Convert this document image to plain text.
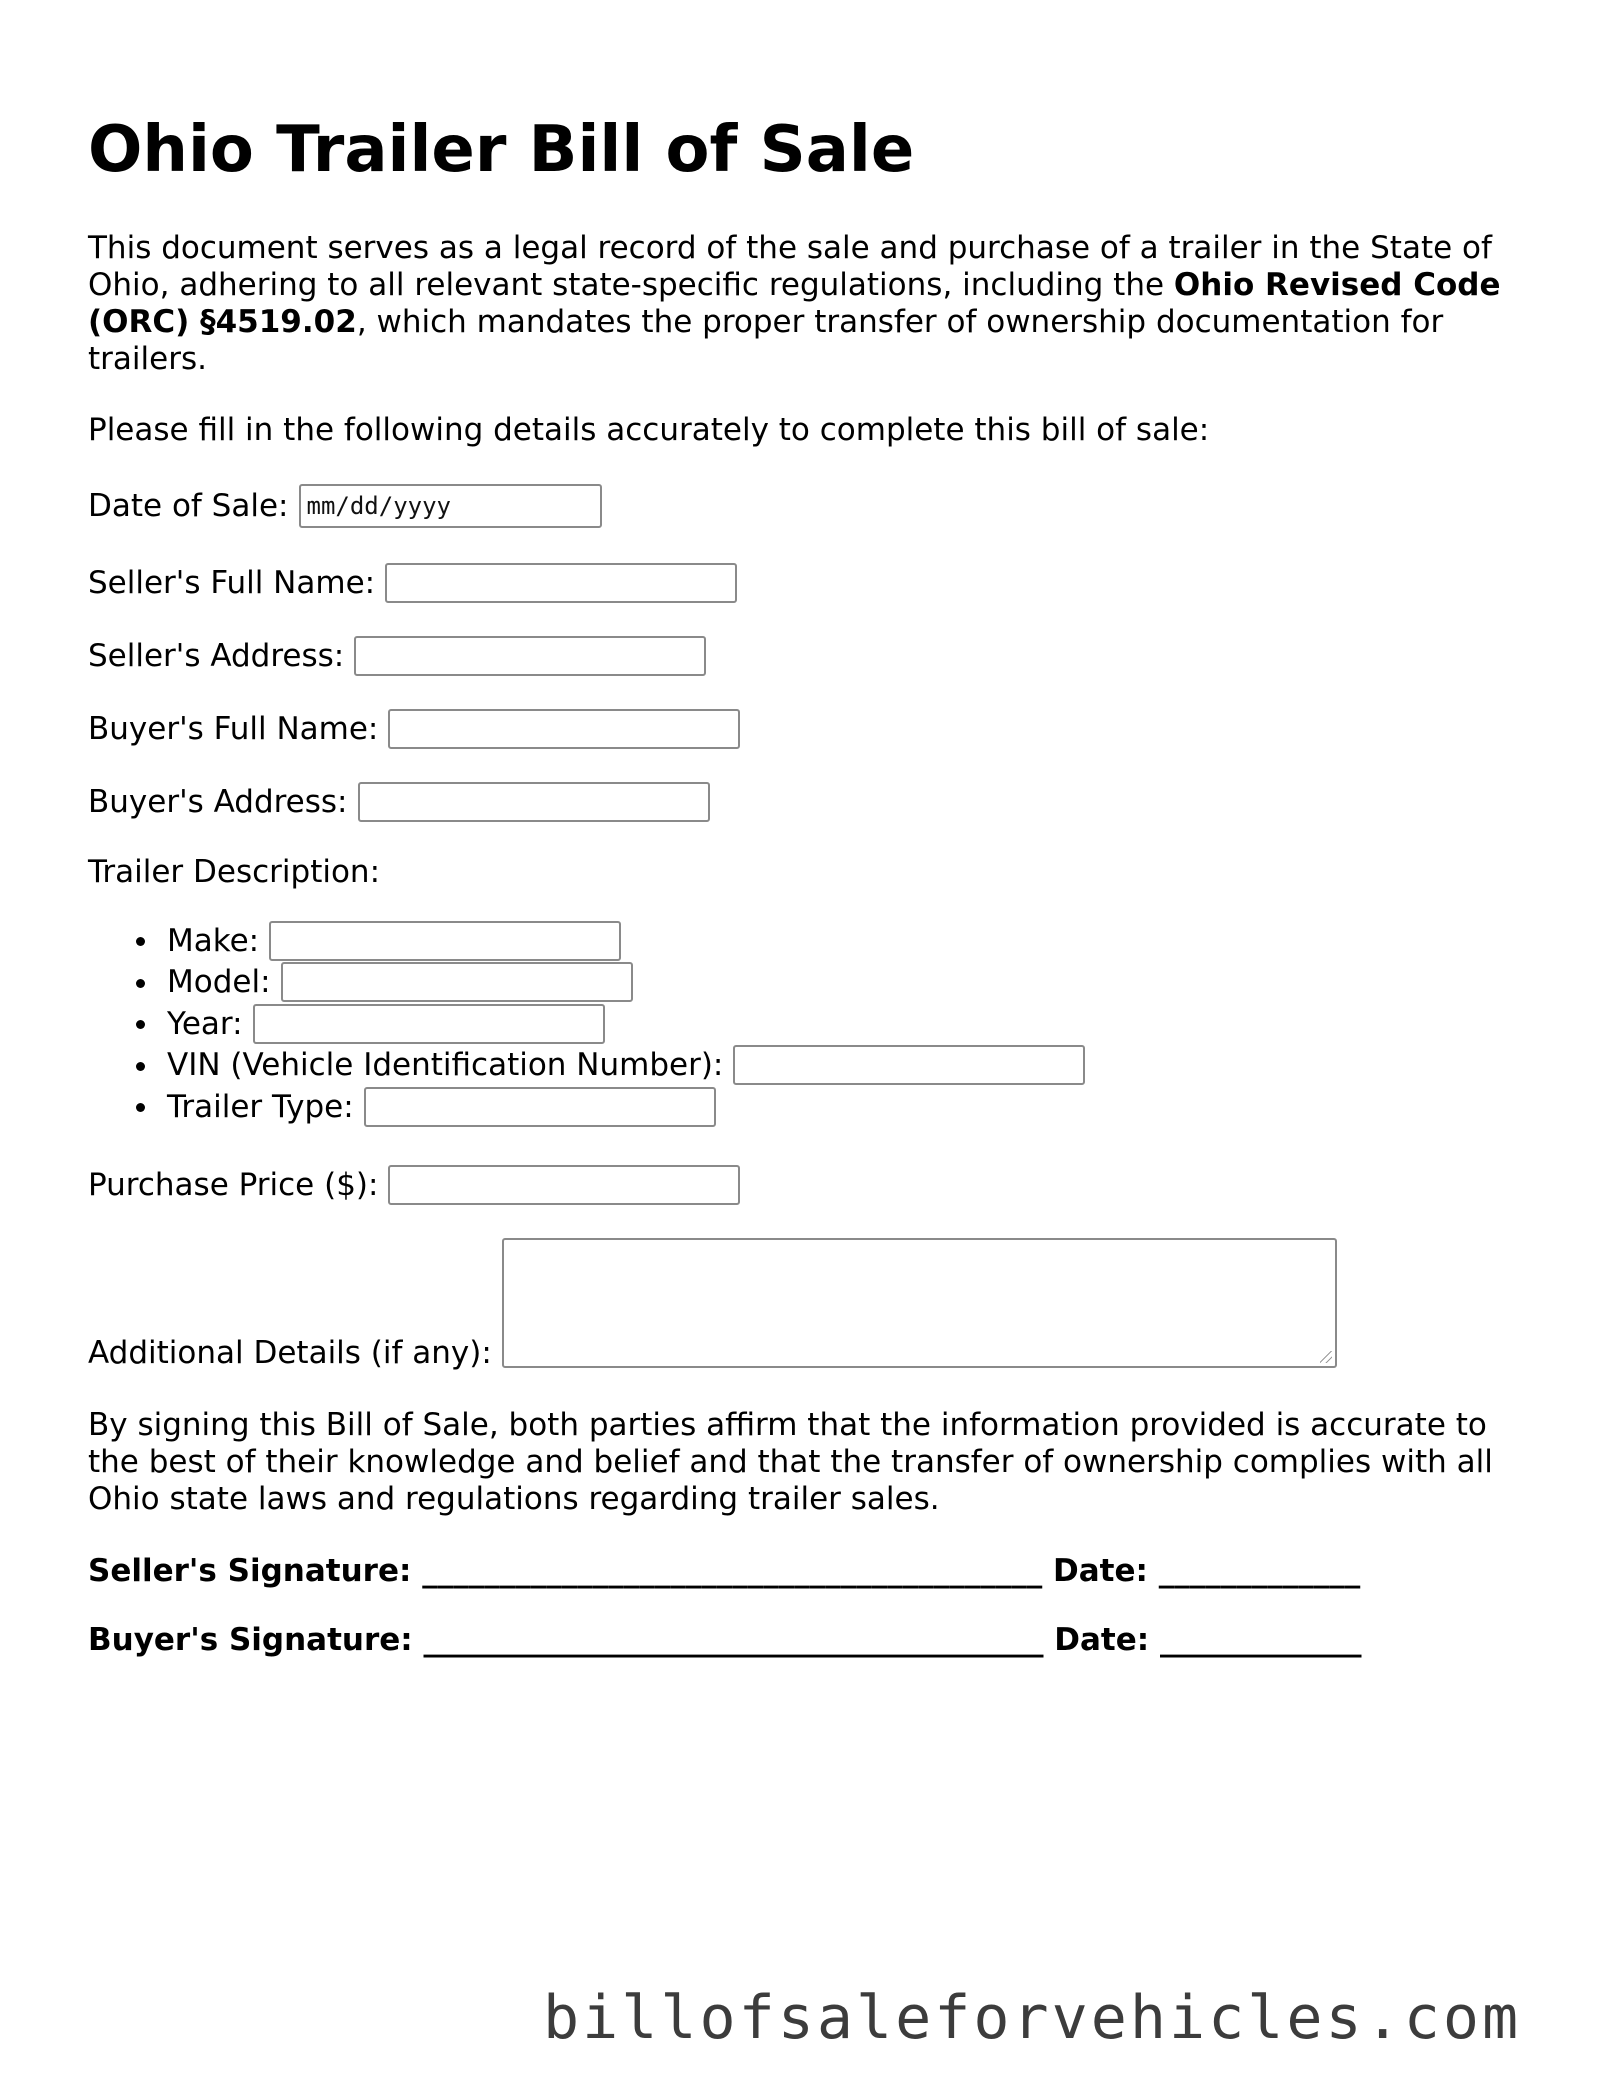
Ohio Trailer Bill of Sale

This document serves as a legal record of the sale and purchase of a trailer in the State of Ohio, adhering to all relevant state-specific regulations, including the Ohio Revised Code (ORC) §4519.02, which mandates the proper transfer of ownership documentation for trailers.

Please fill in the following details accurately to complete this bill of sale:

Date of Sale: mm/dd/yyyy
Seller's Full Name:
Seller's Address:
Buyer's Full Name:
Buyer's Address:
Trailer Description:
Make:
Model:
Year:
VIN (Vehicle Identification Number):
Trailer Type:
Purchase Price ($):
Additional Details (if any):

By signing this Bill of Sale, both parties affirm that the information provided is accurate to the best of their knowledge and belief and that the transfer of ownership complies with all Ohio state laws and regulations regarding trailer sales.

Seller's Signature: ________________________________________ Date: _____________
Buyer's Signature: ________________________________________ Date: _____________
billofsaleforvehicles.com
